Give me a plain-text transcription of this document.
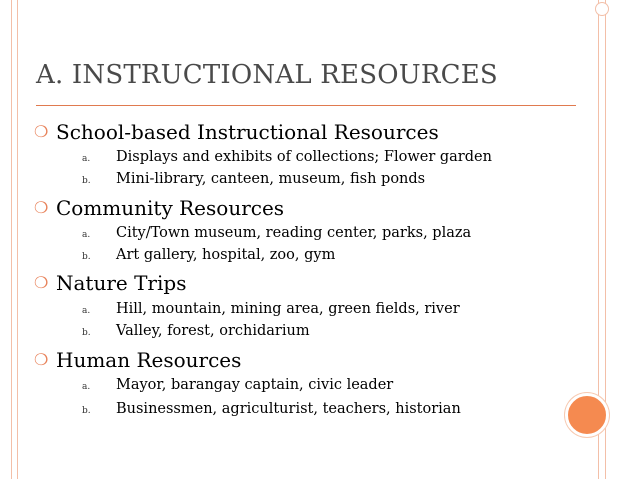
A. INSTRUCTIONAL RESOURCES
❍ School-based Instructional Resources
a.	Displays and exhibits of collections; Flower garden
b.	Mini-library, canteen, museum, fish ponds
❍ Community Resources
a.	City/Town museum, reading center, parks, plaza
b.	Art gallery, hospital, zoo, gym
❍ Nature Trips
a.	Hill, mountain, mining area, green fields, river
b.	Valley, forest, orchidarium
❍ Human Resources
a.	Mayor, barangay captain, civic leader
b.	Businessmen, agriculturist, teachers, historian
